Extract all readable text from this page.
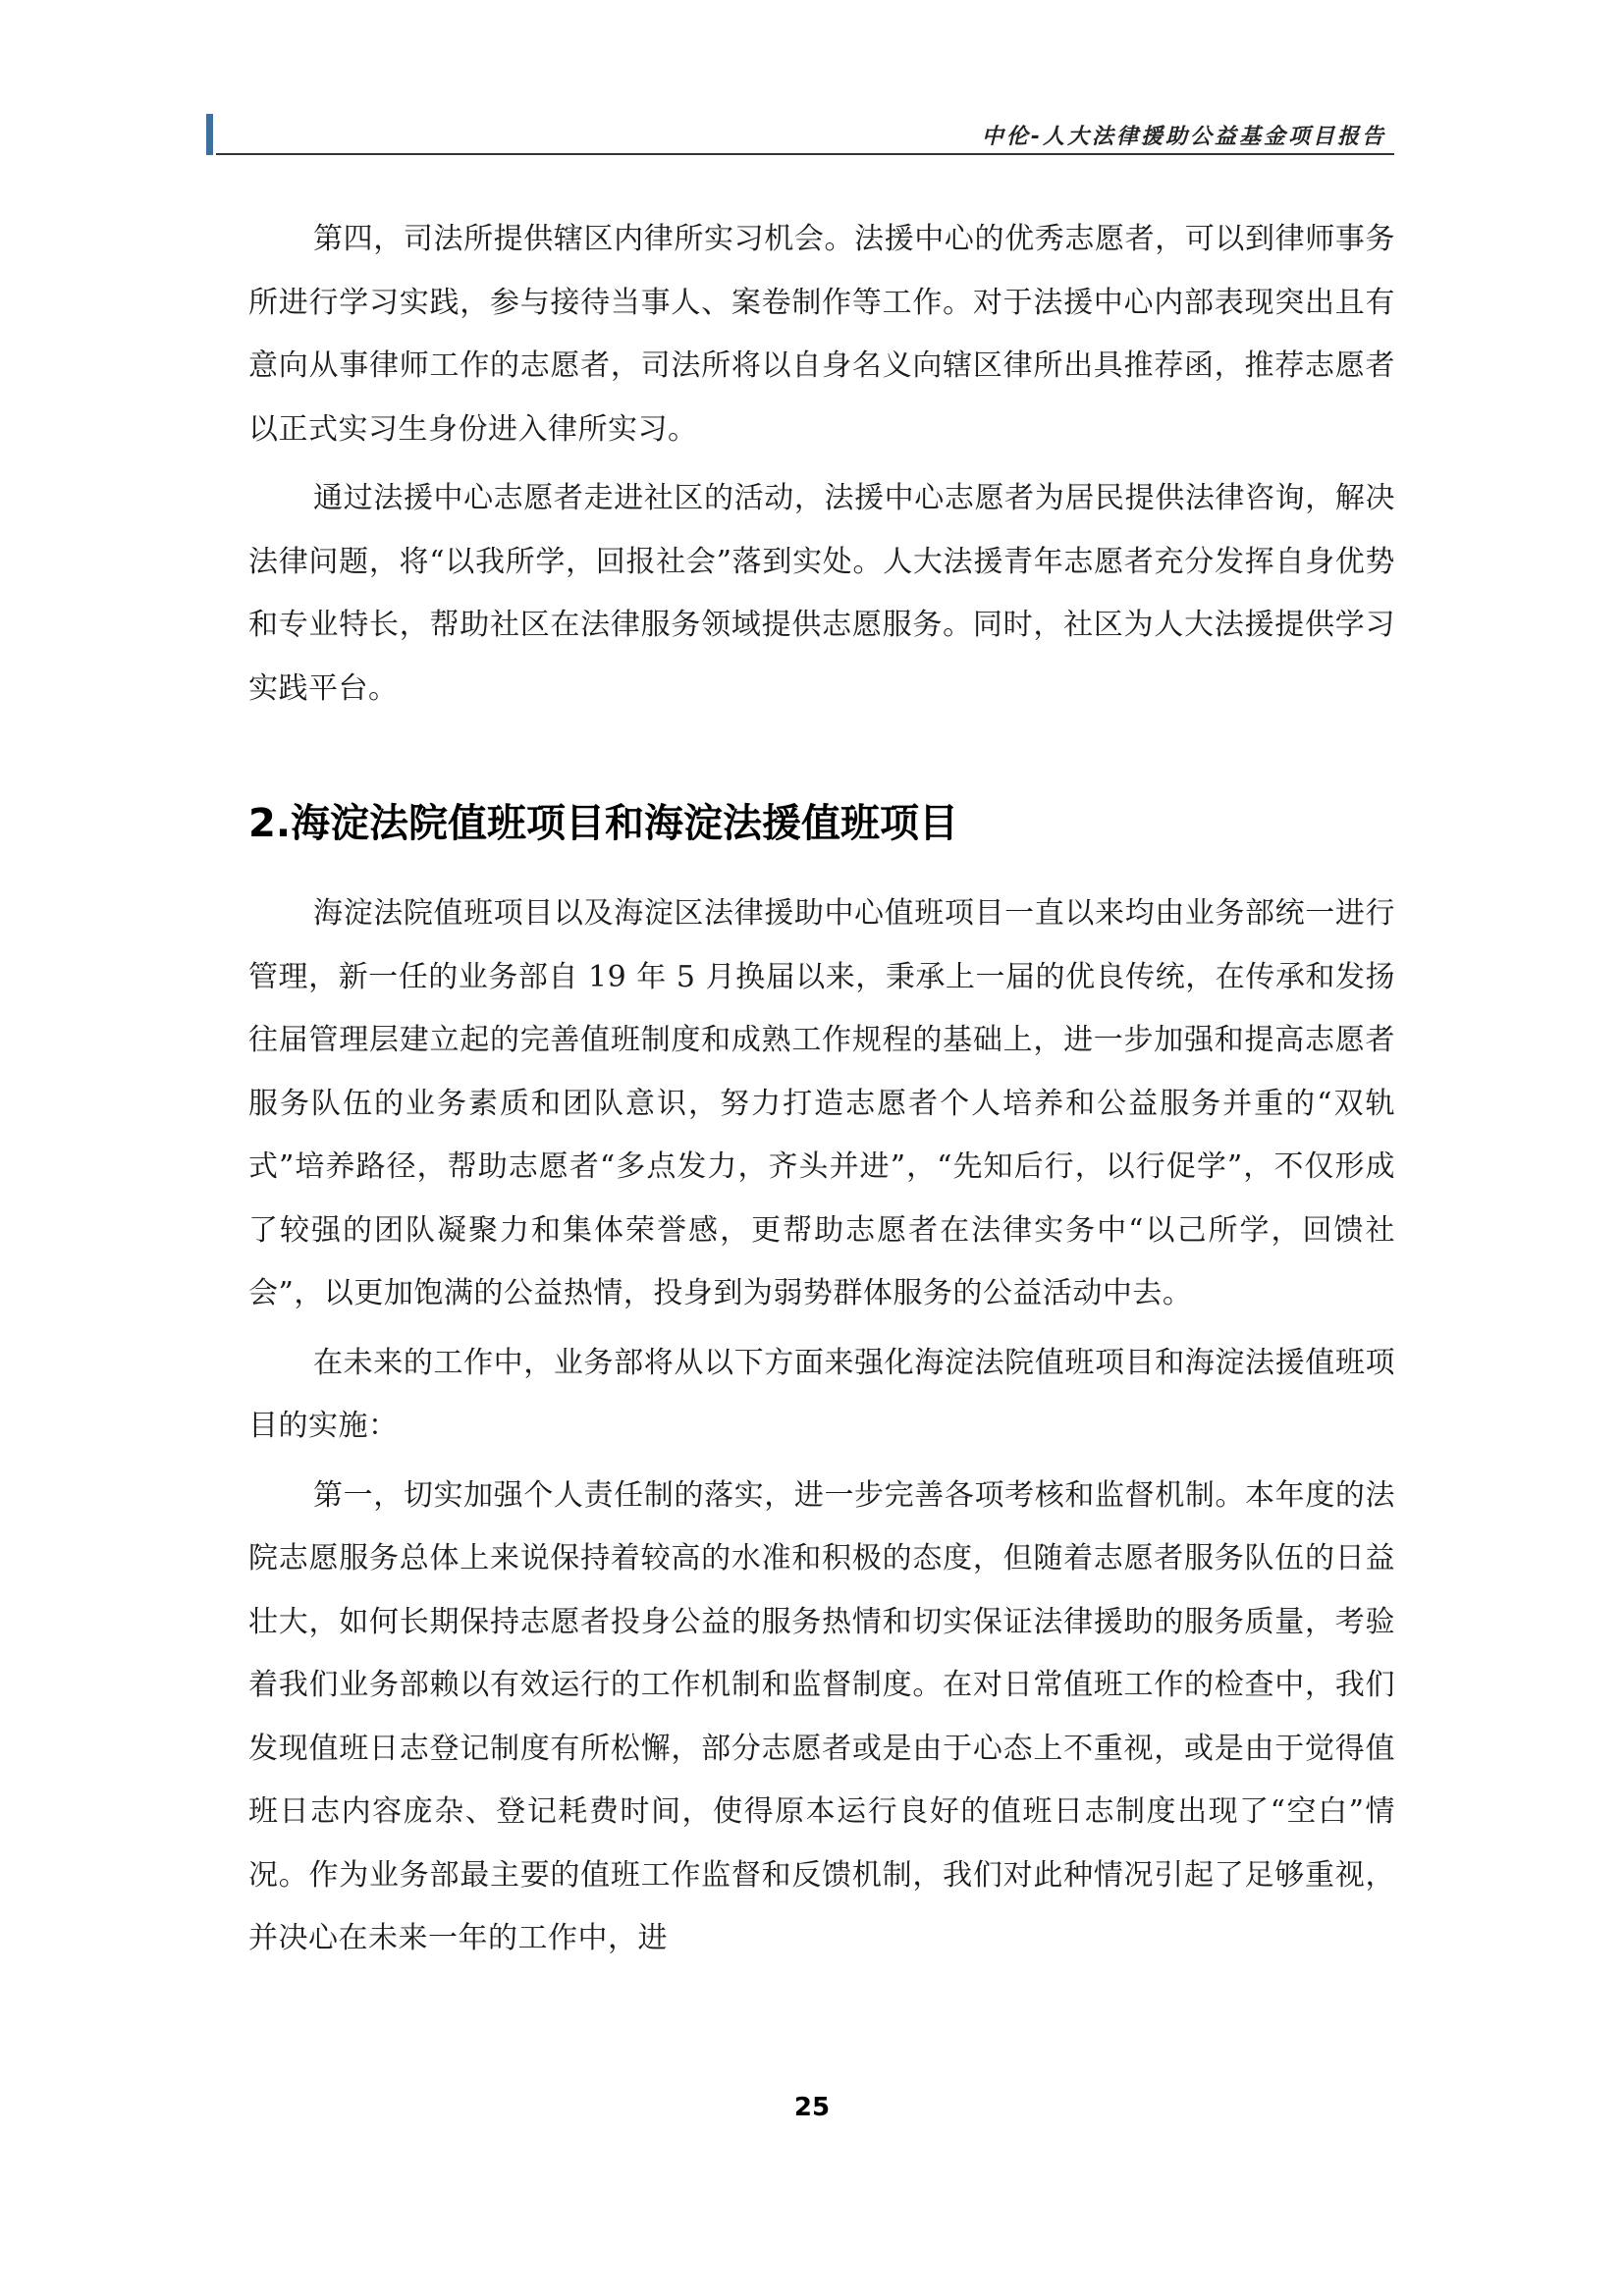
中伦-人大法律援助公益基金项目报告

第四，司法所提供辖区内律所实习机会。法援中心的优秀志愿者，可以到律师事务所进行学习实践，参与接待当事人、案卷制作等工作。对于法援中心内部表现突出且有意向从事律师工作的志愿者，司法所将以自身名义向辖区律所出具推荐函，推荐志愿者以正式实习生身份进入律所实习。

通过法援中心志愿者走进社区的活动，法援中心志愿者为居民提供法律咨询，解决法律问题，将“以我所学，回报社会”落到实处。人大法援青年志愿者充分发挥自身优势和专业特长，帮助社区在法律服务领域提供志愿服务。同时，社区为人大法援提供学习实践平台。

2.海淀法院值班项目和海淀法援值班项目

海淀法院值班项目以及海淀区法律援助中心值班项目一直以来均由业务部统一进行管理，新一任的业务部自 19 年 5 月换届以来，秉承上一届的优良传统，在传承和发扬往届管理层建立起的完善值班制度和成熟工作规程的基础上，进一步加强和提高志愿者服务队伍的业务素质和团队意识，努力打造志愿者个人培养和公益服务并重的“双轨式”培养路径，帮助志愿者“多点发力，齐头并进”，“先知后行，以行促学”，不仅形成了较强的团队凝聚力和集体荣誉感，更帮助志愿者在法律实务中“以己所学，回馈社会”，以更加饱满的公益热情，投身到为弱势群体服务的公益活动中去。

在未来的工作中，业务部将从以下方面来强化海淀法院值班项目和海淀法援值班项目的实施：

第一，切实加强个人责任制的落实，进一步完善各项考核和监督机制。本年度的法院志愿服务总体上来说保持着较高的水准和积极的态度，但随着志愿者服务队伍的日益壮大，如何长期保持志愿者投身公益的服务热情和切实保证法律援助的服务质量，考验着我们业务部赖以有效运行的工作机制和监督制度。在对日常值班工作的检查中，我们发现值班日志登记制度有所松懈，部分志愿者或是由于心态上不重视，或是由于觉得值班日志内容庞杂、登记耗费时间，使得原本运行良好的值班日志制度出现了“空白”情况。作为业务部最主要的值班工作监督和反馈机制，我们对此种情况引起了足够重视，并决心在未来一年的工作中，进

25
